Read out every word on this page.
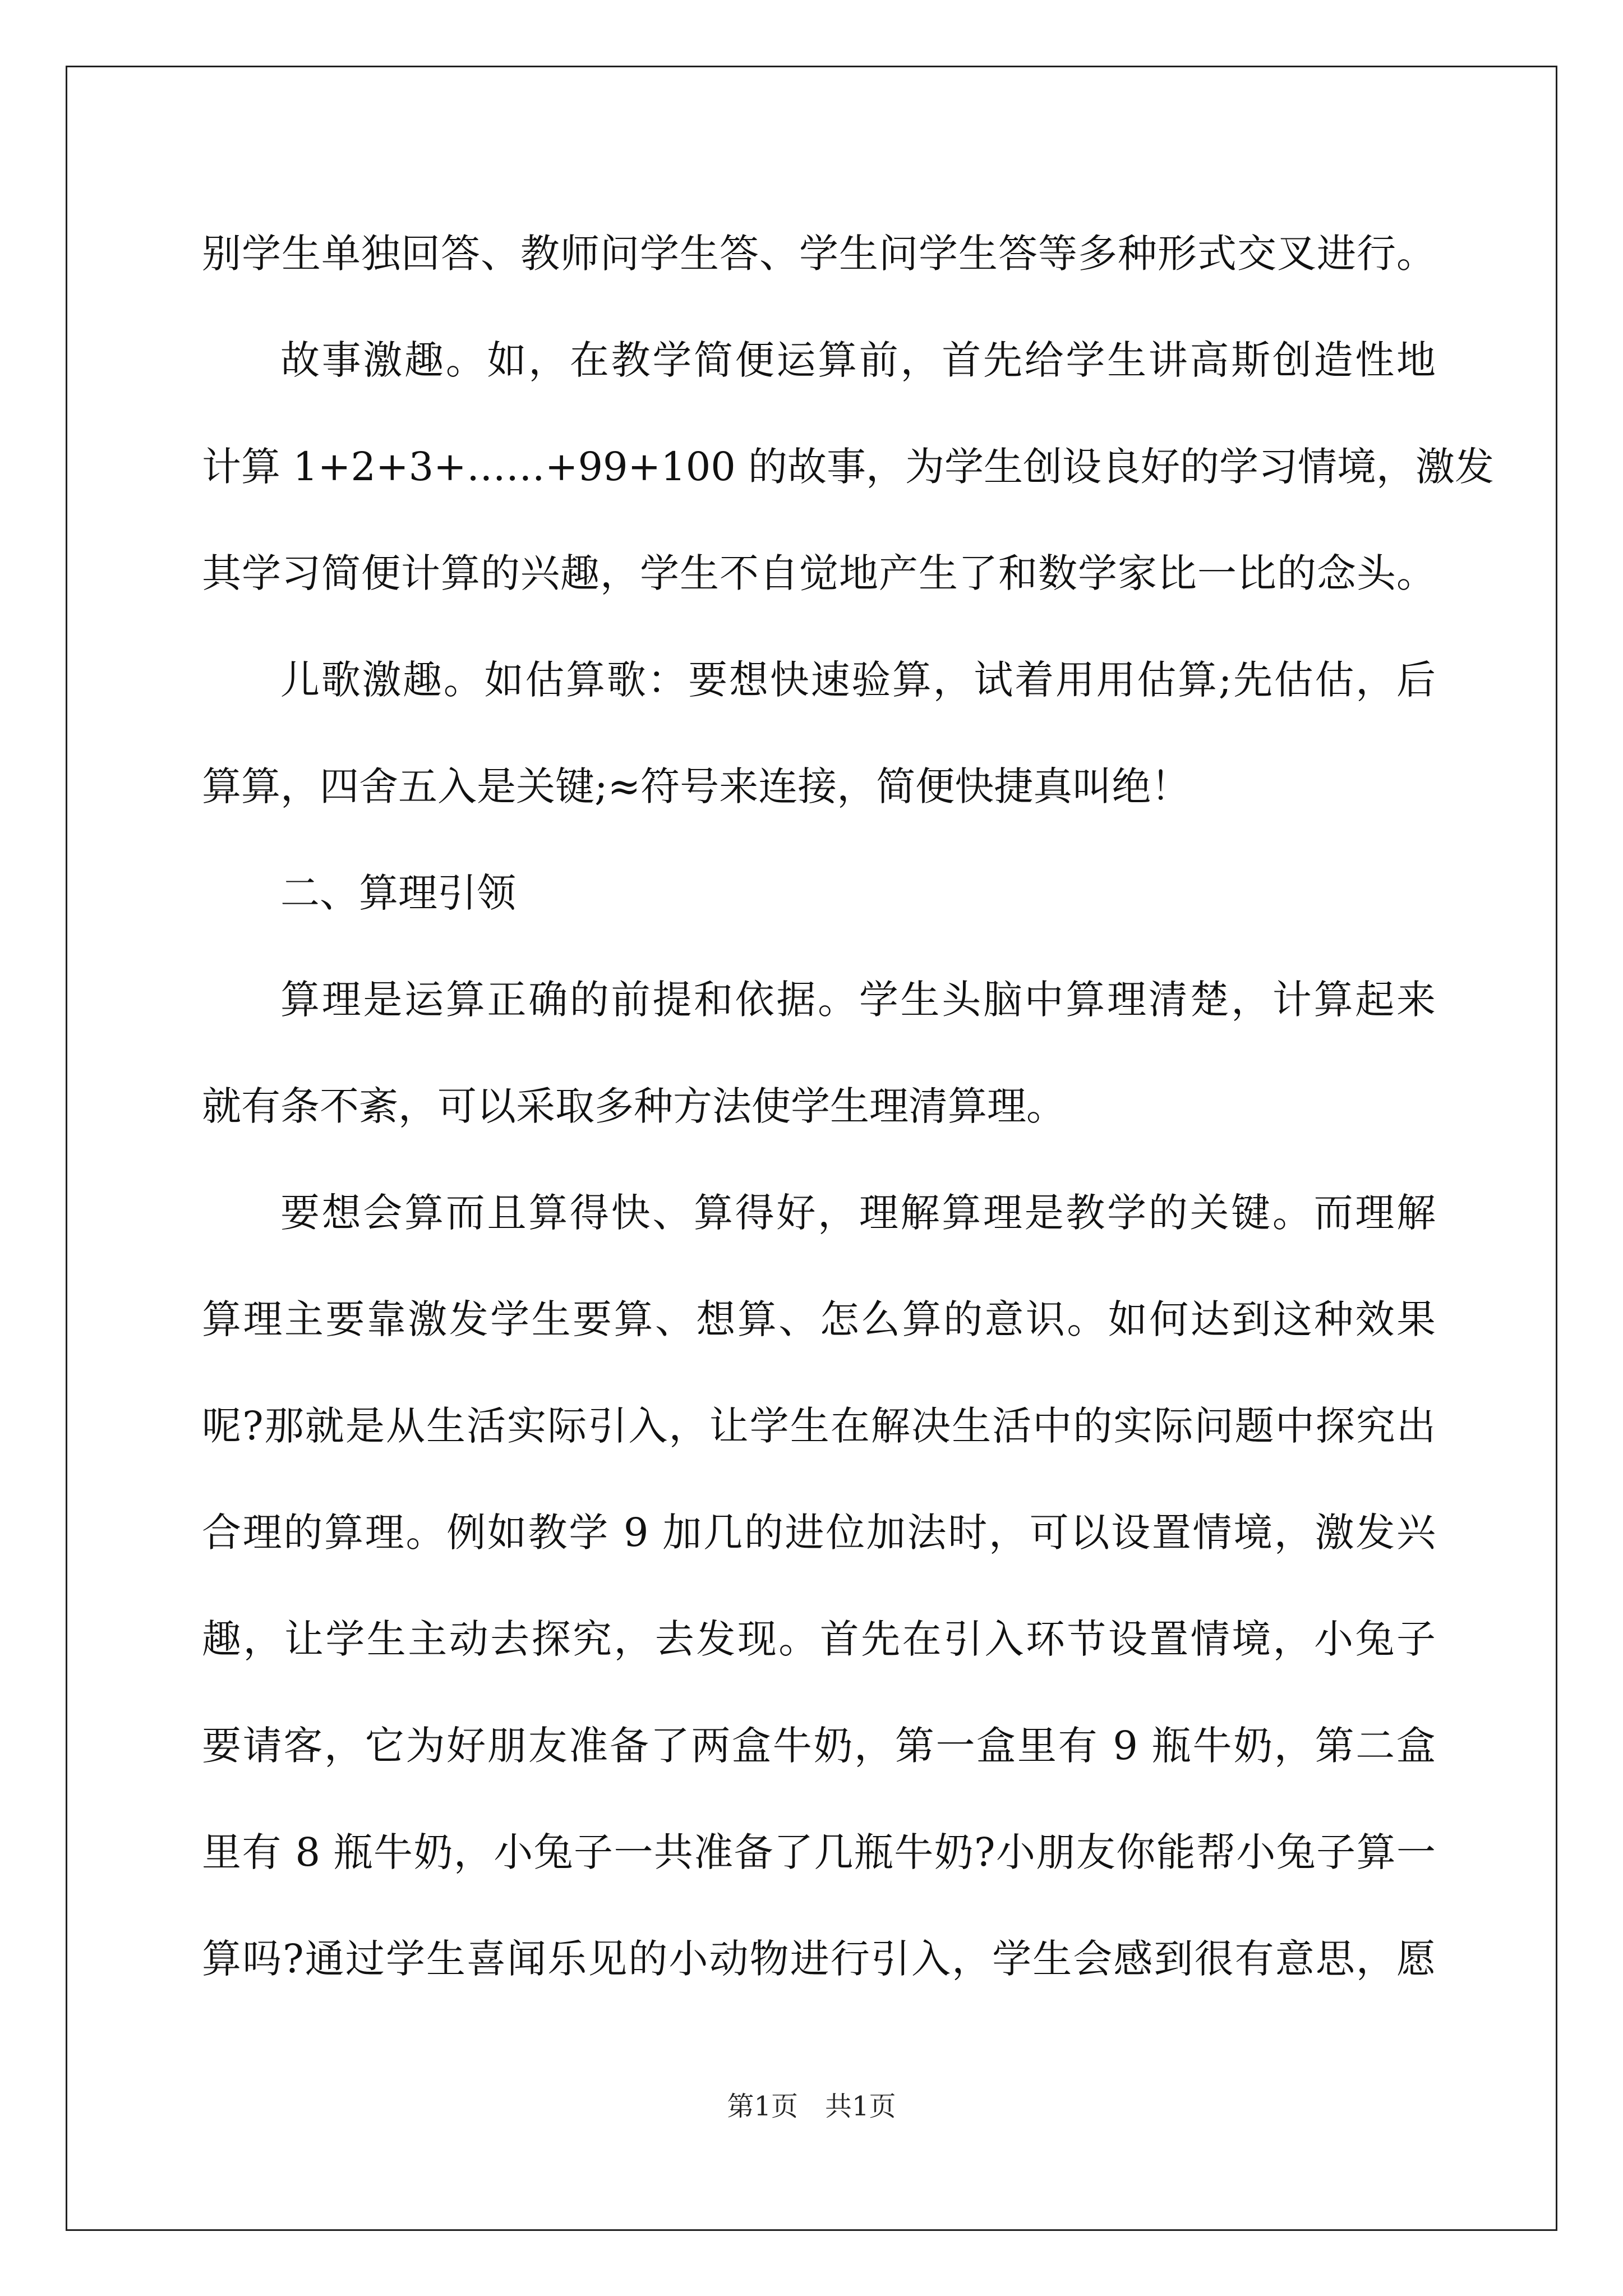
别学生单独回答、教师问学生答、学生问学生答等多种形式交叉进行。
故事激趣。如，在教学简便运算前，首先给学生讲高斯创造性地
计算 1+2+3+……+99+100 的故事，为学生创设良好的学习情境，激发
其学习简便计算的兴趣，学生不自觉地产生了和数学家比一比的念头。
儿歌激趣。如估算歌：要想快速验算，试着用用估算;先估估，后
算算，四舍五入是关键;≈符号来连接，简便快捷真叫绝！
二、算理引领
算理是运算正确的前提和依据。学生头脑中算理清楚，计算起来
就有条不紊，可以采取多种方法使学生理清算理。
要想会算而且算得快、算得好，理解算理是教学的关键。而理解
算理主要靠激发学生要算、想算、怎么算的意识。如何达到这种效果
呢?那就是从生活实际引入，让学生在解决生活中的实际问题中探究出
合理的算理。例如教学 9 加几的进位加法时，可以设置情境，激发兴
趣，让学生主动去探究，去发现。首先在引入环节设置情境，小兔子
要请客，它为好朋友准备了两盒牛奶，第一盒里有 9 瓶牛奶，第二盒
里有 8 瓶牛奶，小兔子一共准备了几瓶牛奶?小朋友你能帮小兔子算一
算吗?通过学生喜闻乐见的小动物进行引入，学生会感到很有意思，愿
第1页　共1页
